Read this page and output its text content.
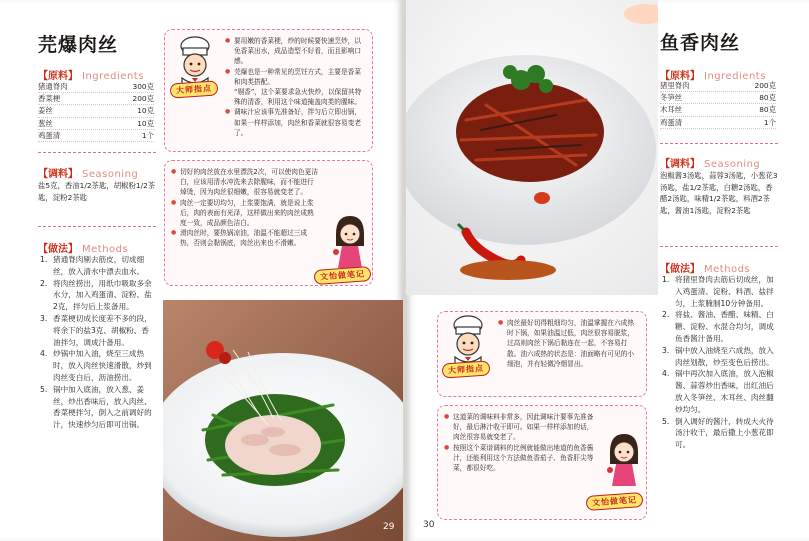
芫爆肉丝
【原料】 Ingredients
猪通脊肉	300克
香菜梗	200克
姜丝	10克
葱丝	10克
鸡蛋清	1个
【调料】 Seasoning
盐5克，香油1/2茶匙，胡椒粉1/2茶匙，淀粉2茶匙
【做法】 Methods
1. 猪通脊肉剔去筋皮，切成细丝，放入清水中漂去血水。
2. 将肉丝捞出，用纸巾吸取多余水分，加入鸡蛋清、淀粉、盐2克，拌匀后上浆备用。
3. 香菜梗切成长度差不多的段，将余下的盐3克、胡椒粉、香油拌匀，调成汁备用。
4. 炒锅中加入油，烧至三成热时，放入肉丝快速滑散，炒到肉丝变白后，沥油捞出。
5. 锅中加入底油，放入葱、姜丝，炒出香味后，放入肉丝、香菜梗拌匀，倒入之前调好的汁，快速炒匀后即可出锅。
● 要用嫩的香菜梗，炒的时候要快速烹炒，以免香菜出水，成品造型不好看，而且影响口感。
● 芫爆也是一种常见的烹饪方式，主要是香菜和肉类搭配。
“剔香”，这个菜要求急火快炒，以保留其特殊的清香，利用这个味道掩盖肉类的腥味。
● 调味汁应该事先准备好，拌匀后立即出锅，如果一样样添加，肉丝和香菜就很容易变老了。
大师指点
● 切好的肉丝放在水里漂洗2次，可以使肉色更洁白，应该用清水冲洗来去除腥味，而不能进行焯烫，因为肉丝很细嫩，很容易就变老了。
● 肉丝一定要切均匀，上浆要饱满，就是说上浆后，肉的表面有光泽，这样做出来的肉丝成熟度一致，成品颜色洁白。
● 滑肉丝时，要热锅凉油，油温不能超过三成热，否则会黏锅底，肉丝出来也不滑嫩。
文怡做笔记
29
鱼香肉丝
【原料】 Ingredients
猪里脊肉	200克
冬笋丝	80克
木耳丝	80克
鸡蛋清	1个
【调料】 Seasoning
泡椒酱3汤匙，蒜蓉3汤匙，小葱花3汤匙，盐1/2茶匙，白糖2汤匙，香醋2汤匙，味精1/2茶匙，料酒2茶匙，酱油1汤匙，淀粉2茶匙
【做法】 Methods
1. 将猪里脊肉去筋后切成丝，加入鸡蛋清、淀粉、料酒、盐拌匀，上浆腌制10分钟备用。
2. 将盐、酱油、香醋、味精、白糖、淀粉、水混合均匀，调成鱼香酱汁备用。
3. 锅中放入油烧至六成热，放入肉丝划散，炒至变色后捞出。
4. 锅中再次加入底油，放入泡椒酱、蒜蓉炒出香味，出红油后放入冬笋丝、木耳丝、肉丝翻炒均匀。
5. 倒入调好的酱汁，转成大火待汤汁收干，最后撒上小葱花即可。
● 肉丝最好切得粗细均匀，油温掌握在六成热时下锅，如果油温过低，肉丝很容易脱浆，过高则肉丝下锅后黏连在一起，不容易打散。油六成热的状态是：油面略有可见的小细泡，并有轻微冷烟冒出。
大师指点
● 这道菜的调味料非常多，因此调味汁要事先准备好，最后淋汁收干即可。如果一样样添加的话，肉丝很容易就变老了。
● 按照这个菜谱调料的比例就能做出地道的鱼香酱汁，还能利用这个方法做鱼香茄子、鱼香肝尖等菜，都很好吃。
文怡做笔记
30
